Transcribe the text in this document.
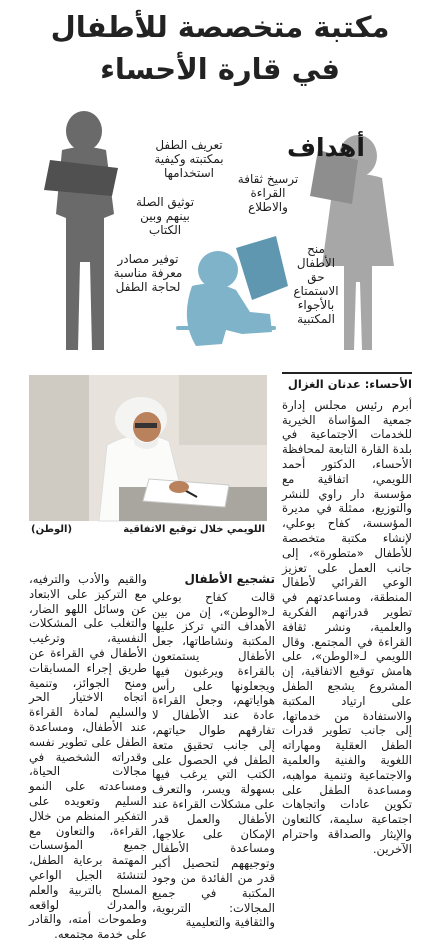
مكتبة متخصصة للأطفال
في قارة الأحساء
أهداف
تعريف الطفل بمكتبته وكيفية استخدامها	ترسيخ ثقافة القراءة والاطلاع
توثيق الصلة بينهم وبين الكتاب
منح الأطفال حق الاستمتاع بالأجواء المكتبية
توفير مصادر معرفة مناسبة لحاجة الطفل
اللويمي خلال توقيع الاتفاقية
(الوطن)
الأحساء: عدنان الغزال

أبرم رئيس مجلس إدارة جمعية المؤاساة الخيرية للخدمات الاجتماعية في بلدة القارة التابعة لمحافظة الأحساء، الدكتور أحمد اللويمي، اتفاقية مع مؤسسة دار راوي للنشر والتوزيع، ممثلة في مديرة المؤسسة، كفاح بوعلي، لإنشاء مكتبة متخصصة للأطفال «متطورة»، إلى جانب العمل على تعزيز الوعي القرائي لأطفال المنطقة، ومساعدتهم في تطوير قدراتهم الفكرية والعلمية، ونشر ثقافة القراءة في المجتمع. وقال اللويمي لـ«الوطن»، على هامش توقيع الاتفاقية، إن المشروع يشجع الطفل على ارتياد المكتبة والاستفادة من خدماتها، إلى جانب تطوير قدرات الطفل العقلية ومهاراته اللغوية والفنية والعلمية والاجتماعية وتنمية مواهبه، ومساعدة الطفل على تكوين عادات واتجاهات اجتماعية سليمة، كالتعاون والإيثار والصداقة واحترام الآخرين.

تشجيع الأطفال

قالت كفاح بوعلي لـ«الوطن»، إن من بين الأهداف التي تركز عليها المكتبة ونشاطاتها، جعل الأطفال يستمتعون بالقراءة ويرغبون فيها ويجعلونها على رأس هواياتهم، وجعل القراءة عادة عند الأطفال لا تفارقهم طوال حياتهم، إلى جانب تحقيق متعة الطفل في الحصول على الكتب التي يرغب فيها بسهولة ويسر، والتعرف على مشكلات القراءة عند الأطفال والعمل قدر الإمكان على علاجها، ومساعدة الأطفال وتوجيههم لتحصيل أكبر قدر من الفائدة من وجود المكتبة في جميع المجالات: التربوية، والثقافية والتعليمية

والقيم والأدب والترفيه، مع التركيز على الابتعاد عن وسائل اللهو الضار، والتغلب على المشكلات النفسية، وترغيب الأطفال في القراءة عن طريق إجراء المسابقات ومنح الجوائز، وتنمية اتجاه الاختيار الحر والسليم لمادة القراءة عند الأطفال، ومساعدة الطفل على تطوير نفسه وقدراته الشخصية في مجالات الحياة، ومساعدته على النمو السليم وتعويده على التفكير المنظم من خلال القراءة، والتعاون مع جميع المؤسسات المهتمة برعاية الطفل، لتنشئة الجيل الواعي المسلح بالتربية والعلم والمدرك لواقعه وطموحات أمته، والقادر على خدمة مجتمعه.
